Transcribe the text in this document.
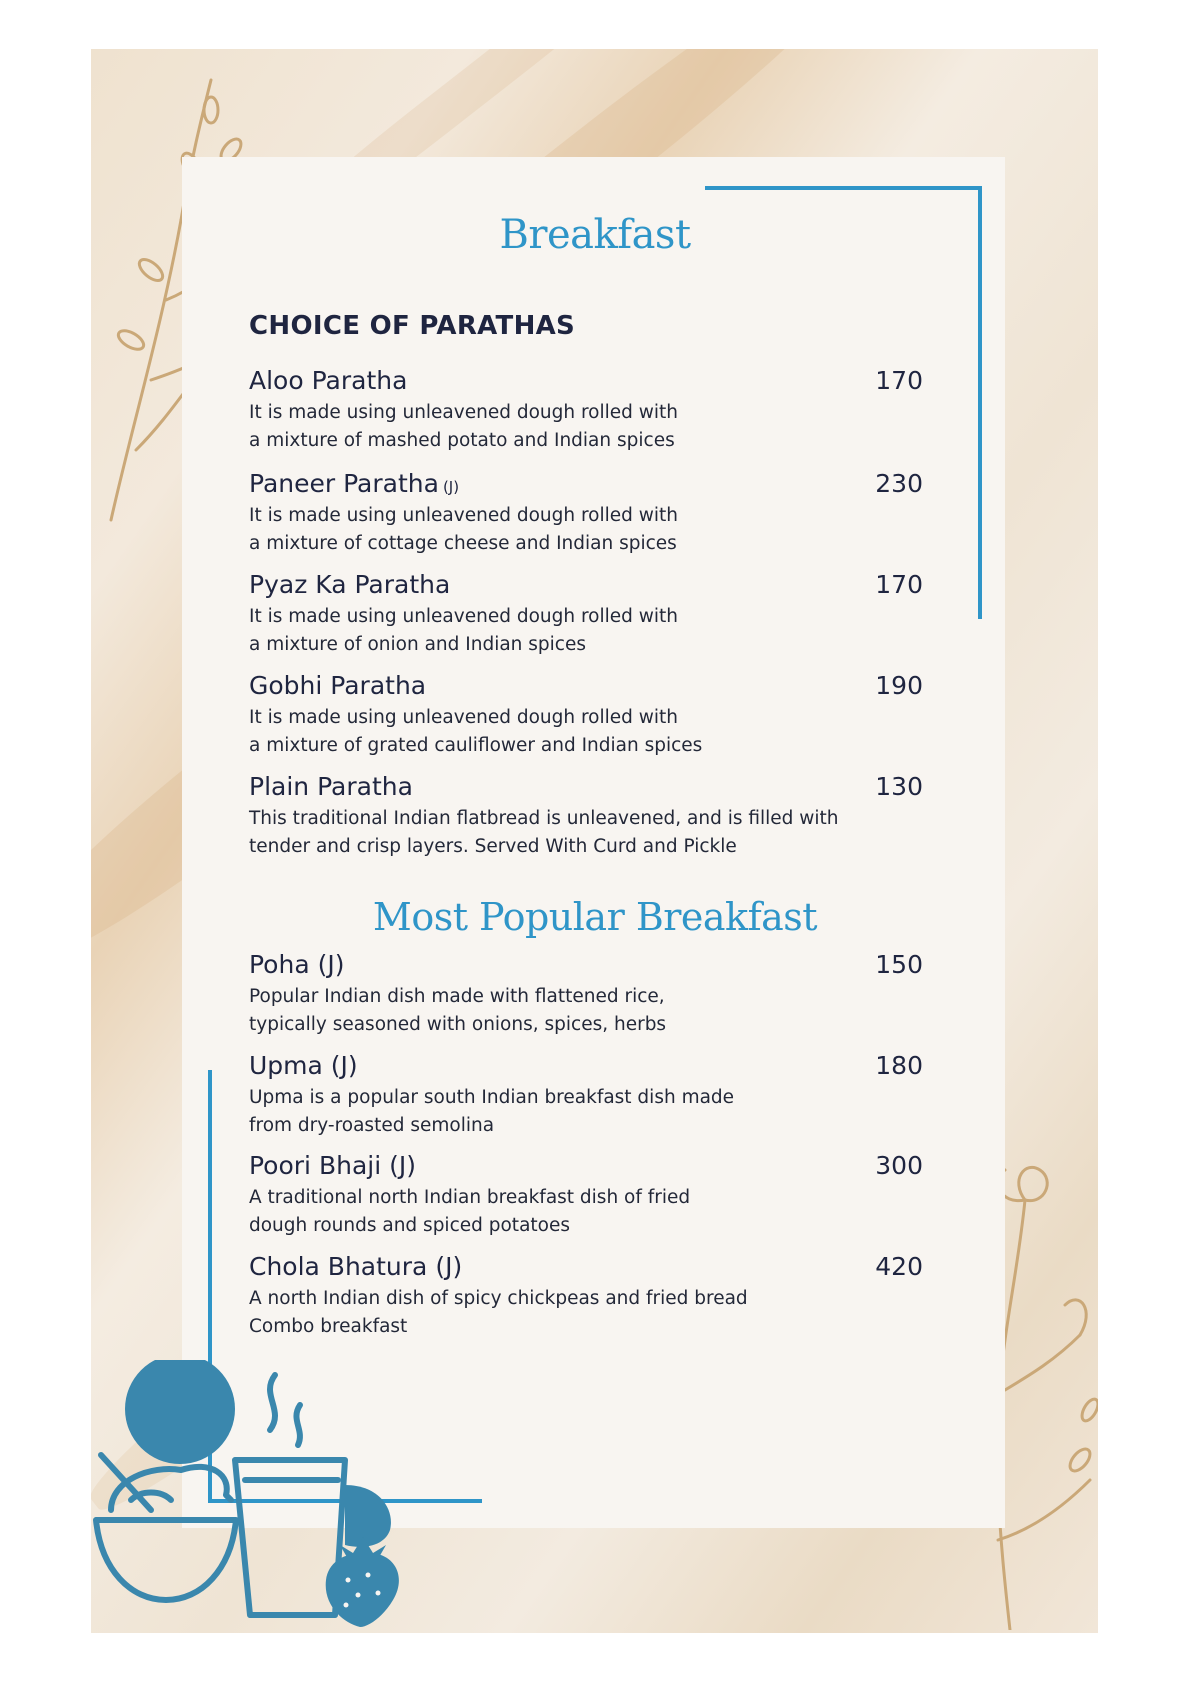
Breakfast
CHOICE OF PARATHAS
Aloo Paratha	170
It is made using unleavened dough rolled with
a mixture of mashed potato and Indian spices
Paneer Paratha (J)	230
It is made using unleavened dough rolled with
a mixture of cottage cheese and Indian spices
Pyaz Ka Paratha	170
It is made using unleavened dough rolled with
a mixture of onion and Indian spices
Gobhi Paratha	190
It is made using unleavened dough rolled with
a mixture of grated cauliflower and Indian spices
Plain Paratha	130
This traditional Indian flatbread is unleavened, and is filled with
tender and crisp layers. Served With Curd and Pickle
Most Popular Breakfast
Poha (J)	150
Popular Indian dish made with flattened rice,
typically seasoned with onions, spices, herbs
Upma (J)	180
Upma is a popular south Indian breakfast dish made
from dry-roasted semolina
Poori Bhaji (J)	300
A traditional north Indian breakfast dish of fried
dough rounds and spiced potatoes
Chola Bhatura (J)	420
A north Indian dish of spicy chickpeas and fried bread
Combo breakfast
